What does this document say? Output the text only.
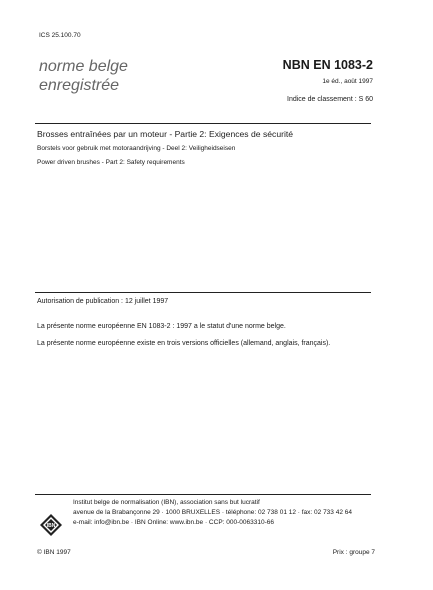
ICS 25.100.70
norme belge
enregistrée
NBN EN 1083-2
1e éd., août 1997
Indice de classement : S 60
Brosses entraînées par un moteur - Partie 2: Exigences de sécurité
Borstels voor gebruik met motoraandrijving - Deel 2: Veiligheidseisen
Power driven brushes - Part 2: Safety requirements
Autorisation de publication : 12 juillet 1997
La présente norme européenne EN 1083-2 : 1997 a le statut d'une norme belge.
La présente norme européenne existe en trois versions officielles (allemand, anglais, français).
Institut belge de normalisation (IBN), association sans but lucratif
avenue de la Brabançonne 29 · 1000 BRUXELLES · téléphone: 02 738 01 12 · fax: 02 733 42 64
e-mail: info@ibn.be · IBN Online: www.ibn.be · CCP: 000-0063310-66
IBN
© IBN 1997	Prix : groupe 7
